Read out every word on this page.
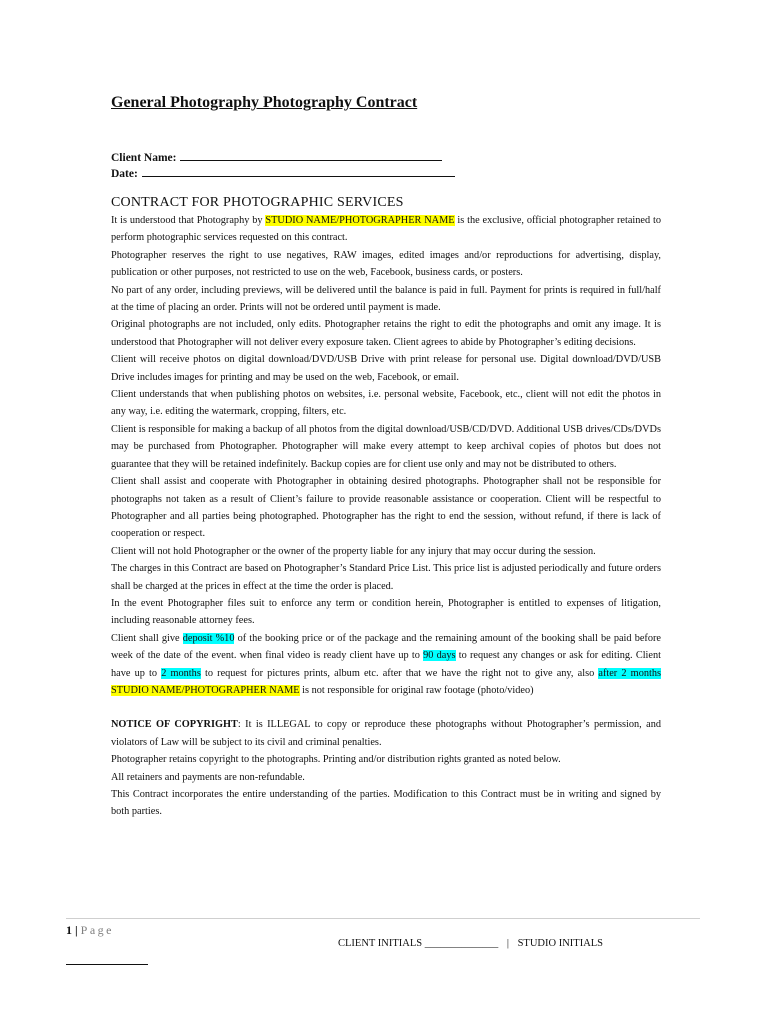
General Photography Photography Contract
Client Name:
Date:
CONTRACT FOR PHOTOGRAPHIC SERVICES

It is understood that Photography by STUDIO NAME/PHOTOGRAPHER NAME is the exclusive, official photographer retained to perform photographic services requested on this contract.

Photographer reserves the right to use negatives, RAW images, edited images and/or reproductions for advertising, display, publication or other purposes, not restricted to use on the web, Facebook, business cards, or posters.

No part of any order, including previews, will be delivered until the balance is paid in full. Payment for prints is required in full/half at the time of placing an order. Prints will not be ordered until payment is made.

Original photographs are not included, only edits. Photographer retains the right to edit the photographs and omit any image. It is understood that Photographer will not deliver every exposure taken. Client agrees to abide by Photographer’s editing decisions.

Client will receive photos on digital download/DVD/USB Drive with print release for personal use. Digital download/DVD/USB Drive includes images for printing and may be used on the web, Facebook, or email.

Client understands that when publishing photos on websites, i.e. personal website, Facebook, etc., client will not edit the photos in any way, i.e. editing the watermark, cropping, filters, etc.

Client is responsible for making a backup of all photos from the digital download/USB/CD/DVD. Additional USB drives/CDs/DVDs may be purchased from Photographer. Photographer will make every attempt to keep archival copies of photos but does not guarantee that they will be retained indefinitely. Backup copies are for client use only and may not be distributed to others.

Client shall assist and cooperate with Photographer in obtaining desired photographs. Photographer shall not be responsible for photographs not taken as a result of Client’s failure to provide reasonable assistance or cooperation. Client will be respectful to Photographer and all parties being photographed. Photographer has the right to end the session, without refund, if there is lack of cooperation or respect.

Client will not hold Photographer or the owner of the property liable for any injury that may occur during the session.

The charges in this Contract are based on Photographer’s Standard Price List. This price list is adjusted periodically and future orders shall be charged at the prices in effect at the time the order is placed.

In the event Photographer files suit to enforce any term or condition herein, Photographer is entitled to expenses of litigation, including reasonable attorney fees.

Client shall give deposit %10 of the booking price or of the package and the remaining amount of the booking shall be paid before week of the date of the event. when final video is ready client have up to 90 days to request any changes or ask for editing. Client have up to 2 months to request for pictures prints, album etc. after that we have the right not to give any, also after 2 months STUDIO NAME/PHOTOGRAPHER NAME is not responsible for original raw footage (photo/video)

NOTICE OF COPYRIGHT: It is ILLEGAL to copy or reproduce these photographs without Photographer’s permission, and violators of Law will be subject to its civil and criminal penalties.

Photographer retains copyright to the photographs. Printing and/or distribution rights granted as noted below.

All retainers and payments are non-refundable.

This Contract incorporates the entire understanding of the parties. Modification to this Contract must be in writing and signed by both parties.

1 | Page
CLIENT INITIALS ______________ | STUDIO INITIALS
